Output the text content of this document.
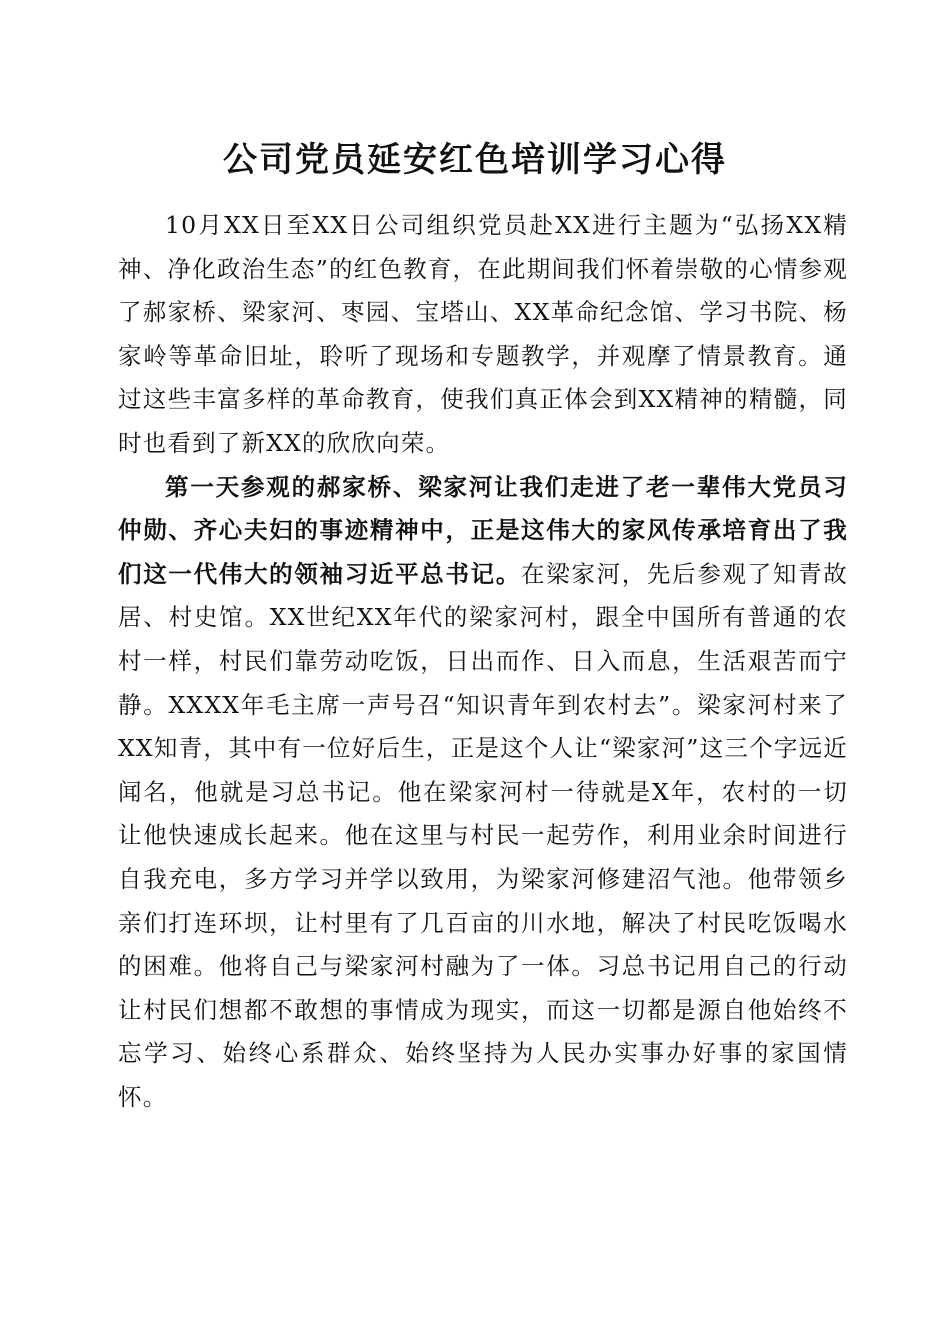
公司党员延安红色培训学习心得

10月XX日至XX日公司组织党员赴XX进行主题为“弘扬XX精神、净化政治生态”的红色教育，在此期间我们怀着崇敬的心情参观了郝家桥、梁家河、枣园、宝塔山、XX革命纪念馆、学习书院、杨家岭等革命旧址，聆听了现场和专题教学，并观摩了情景教育。通过这些丰富多样的革命教育，使我们真正体会到XX精神的精髓，同时也看到了新XX的欣欣向荣。

第一天参观的郝家桥、梁家河让我们走进了老一辈伟大党员习仲勋、齐心夫妇的事迹精神中，正是这伟大的家风传承培育出了我们这一代伟大的领袖习近平总书记。在梁家河，先后参观了知青故居、村史馆。XX世纪XX年代的梁家河村，跟全中国所有普通的农村一样，村民们靠劳动吃饭，日出而作、日入而息，生活艰苦而宁静。XXXX年毛主席一声号召“知识青年到农村去”。梁家河村来了XX知青，其中有一位好后生，正是这个人让“梁家河”这三个字远近闻名，他就是习总书记。他在梁家河村一待就是X年，农村的一切让他快速成长起来。他在这里与村民一起劳作，利用业余时间进行自我充电，多方学习并学以致用，为梁家河修建沼气池。他带领乡亲们打连环坝，让村里有了几百亩的川水地，解决了村民吃饭喝水的困难。他将自己与梁家河村融为了一体。习总书记用自己的行动让村民们想都不敢想的事情成为现实，而这一切都是源自他始终不忘学习、始终心系群众、始终坚持为人民办实事办好事的家国情怀。
